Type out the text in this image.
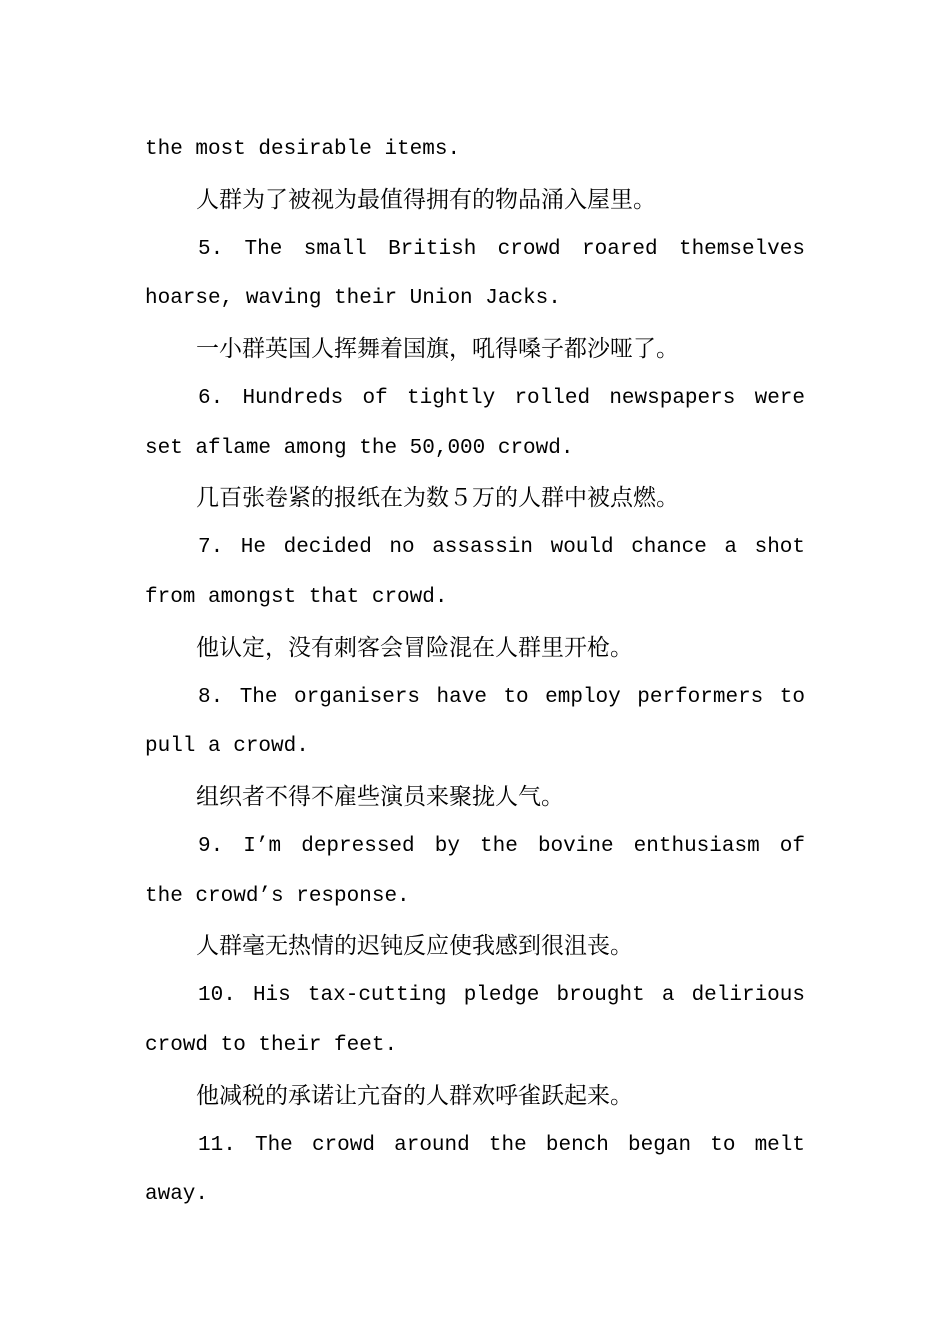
the most desirable items.
人群为了被视为最值得拥有的物品涌入屋里。
5. The small British crowd roared themselves
hoarse, waving their Union Jacks.
一小群英国人挥舞着国旗，吼得嗓子都沙哑了。
6. Hundreds of tightly rolled newspapers were
set aflame among the 50,000 crowd.
几百张卷紧的报纸在为数５万的人群中被点燃。
7. He decided no assassin would chance a shot
from amongst that crowd.
他认定，没有刺客会冒险混在人群里开枪。
8. The organisers have to employ performers to
pull a crowd.
组织者不得不雇些演员来聚拢人气。
9. I’m depressed by the bovine enthusiasm of
the crowd’s response.
人群毫无热情的迟钝反应使我感到很沮丧。
10. His tax-cutting pledge brought a delirious
crowd to their feet.
他减税的承诺让亢奋的人群欢呼雀跃起来。
11. The crowd around the bench began to melt
away.
